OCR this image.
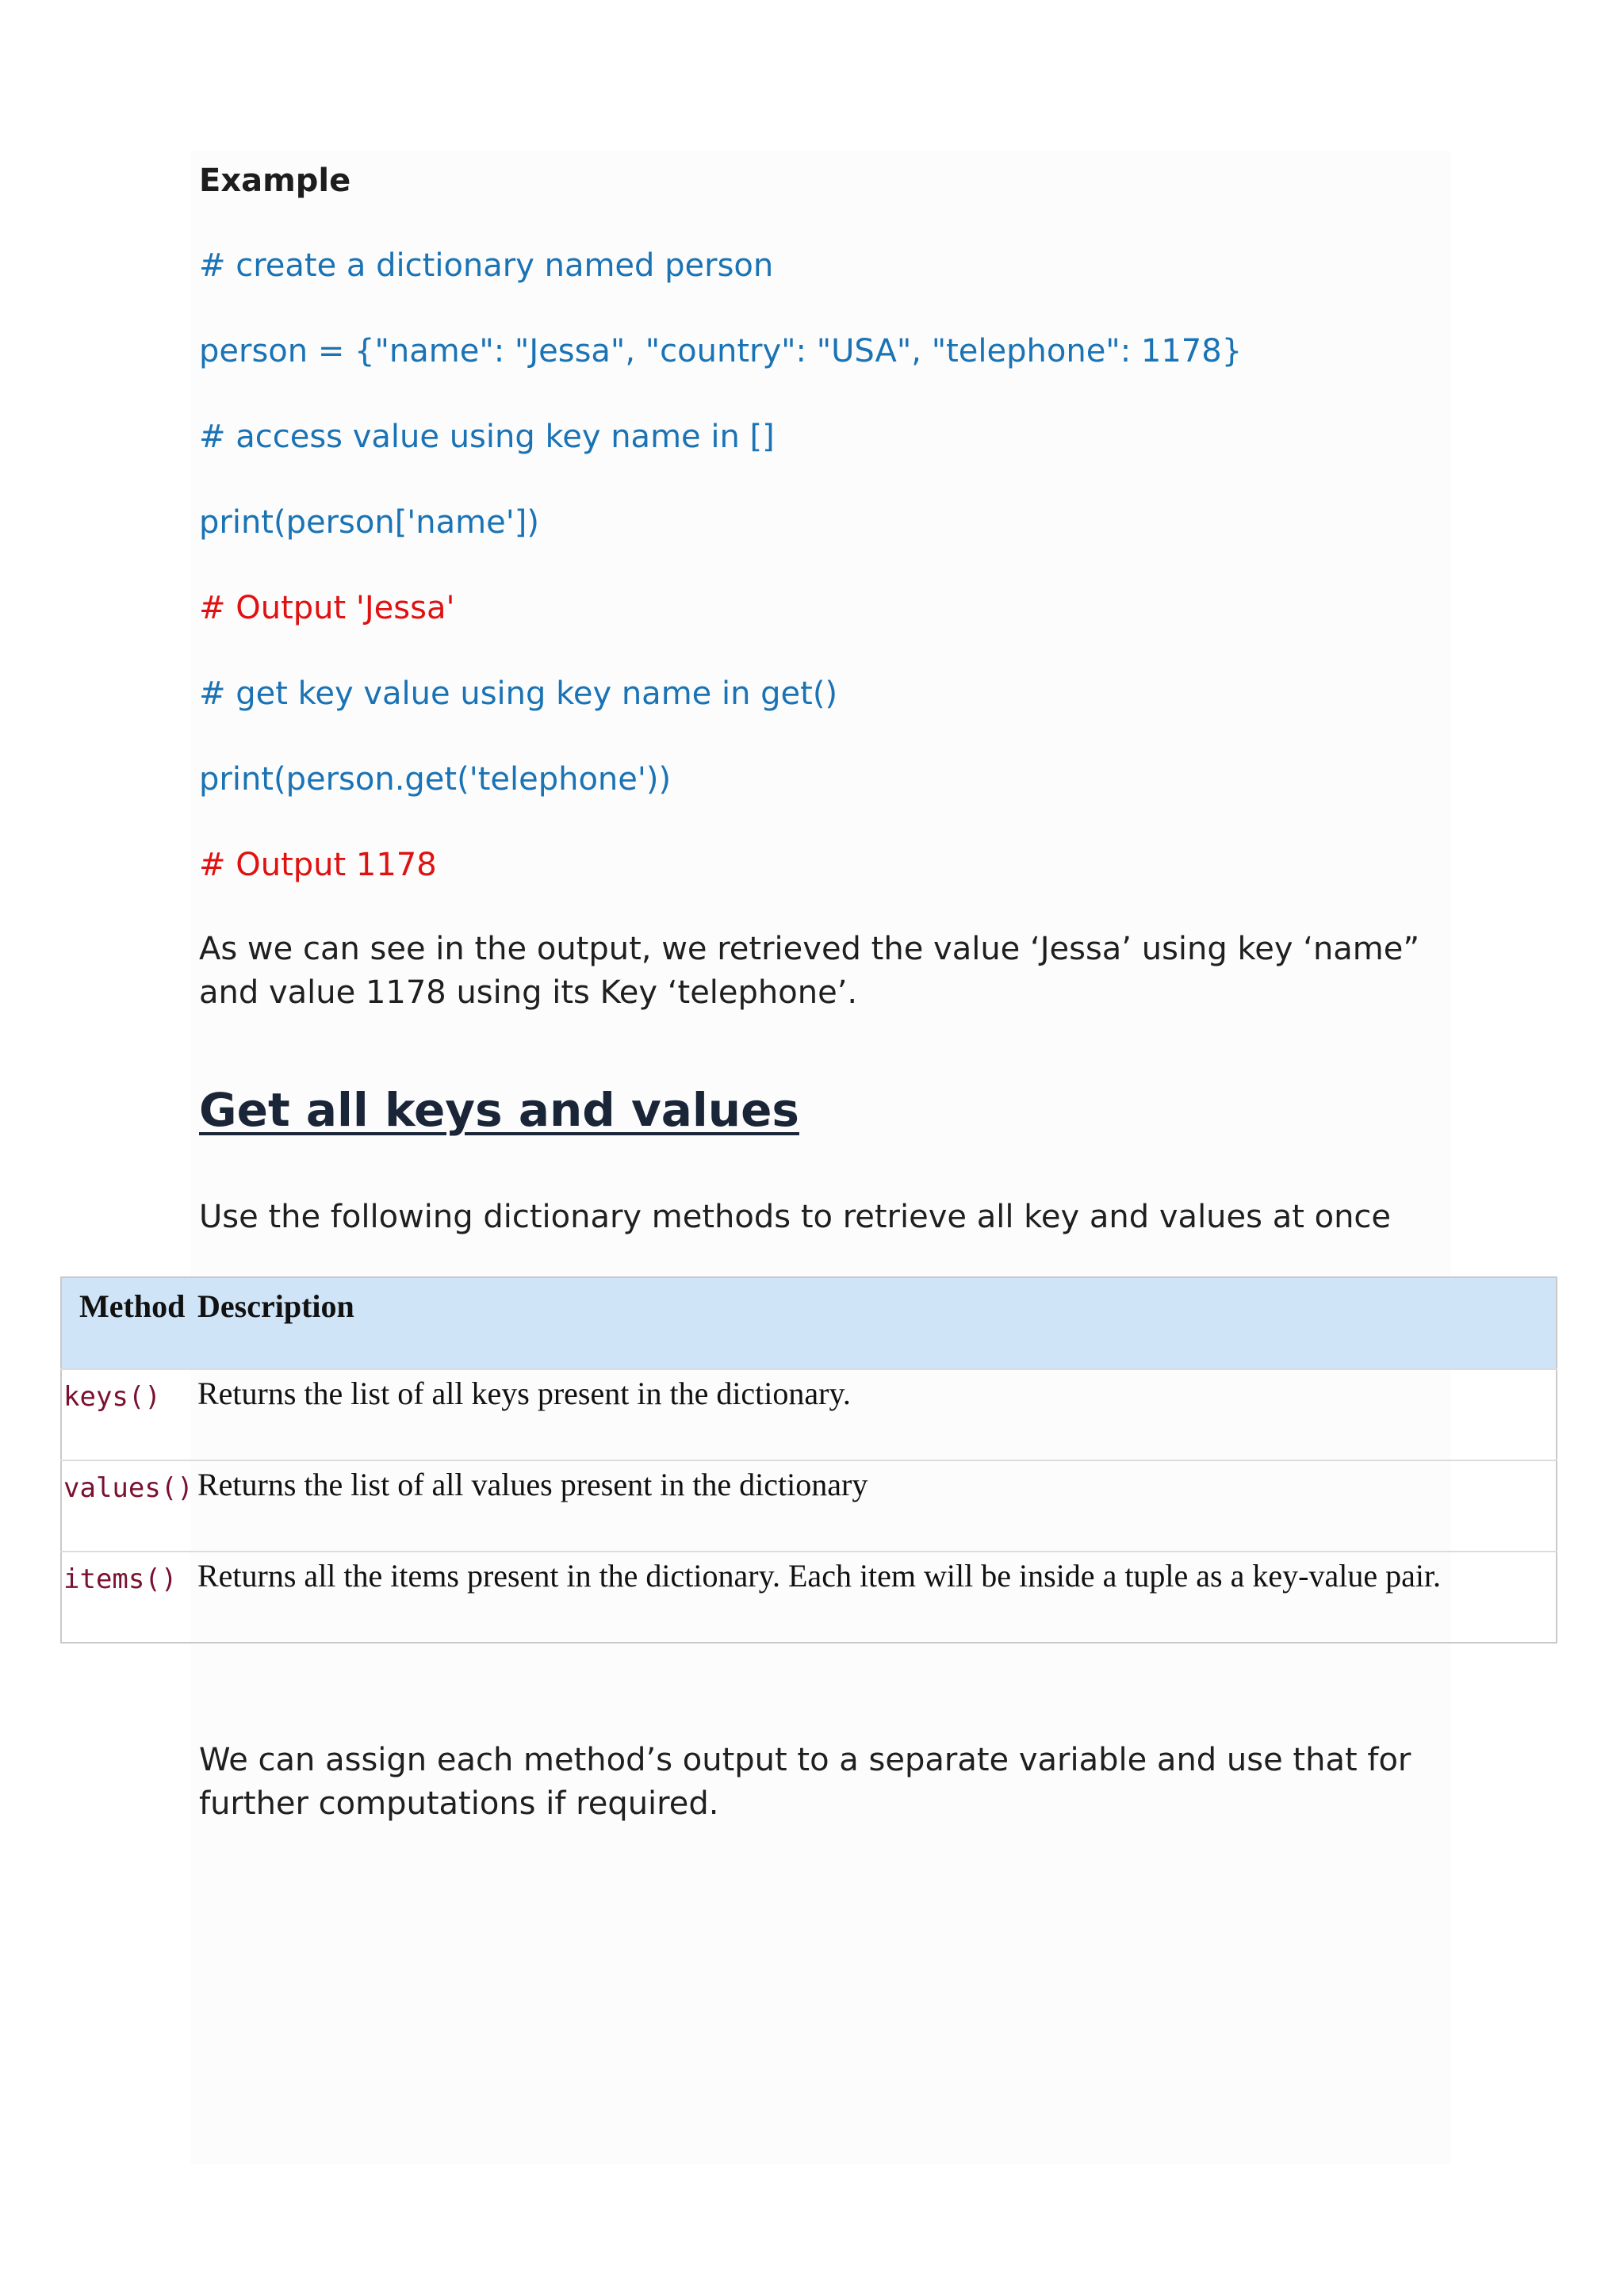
Example
# create a dictionary named person
person = {"name": "Jessa", "country": "USA", "telephone": 1178}
# access value using key name in []
print(person['name'])
# Output 'Jessa'
# get key value using key name in get()
print(person.get('telephone'))
# Output 1178
As we can see in the output, we retrieved the value ‘Jessa’ using key ‘name” and value 1178 using its Key ‘telephone’.
Get all keys and values
Use the following dictionary methods to retrieve all key and values at once
We can assign each method’s output to a separate variable and use that for further computations if required.
Method	Description
keys()	Returns the list of all keys present in the dictionary.
values()	Returns the list of all values present in the dictionary
items()	Returns all the items present in the dictionary. Each item will be inside a tuple as a key-value pair.
